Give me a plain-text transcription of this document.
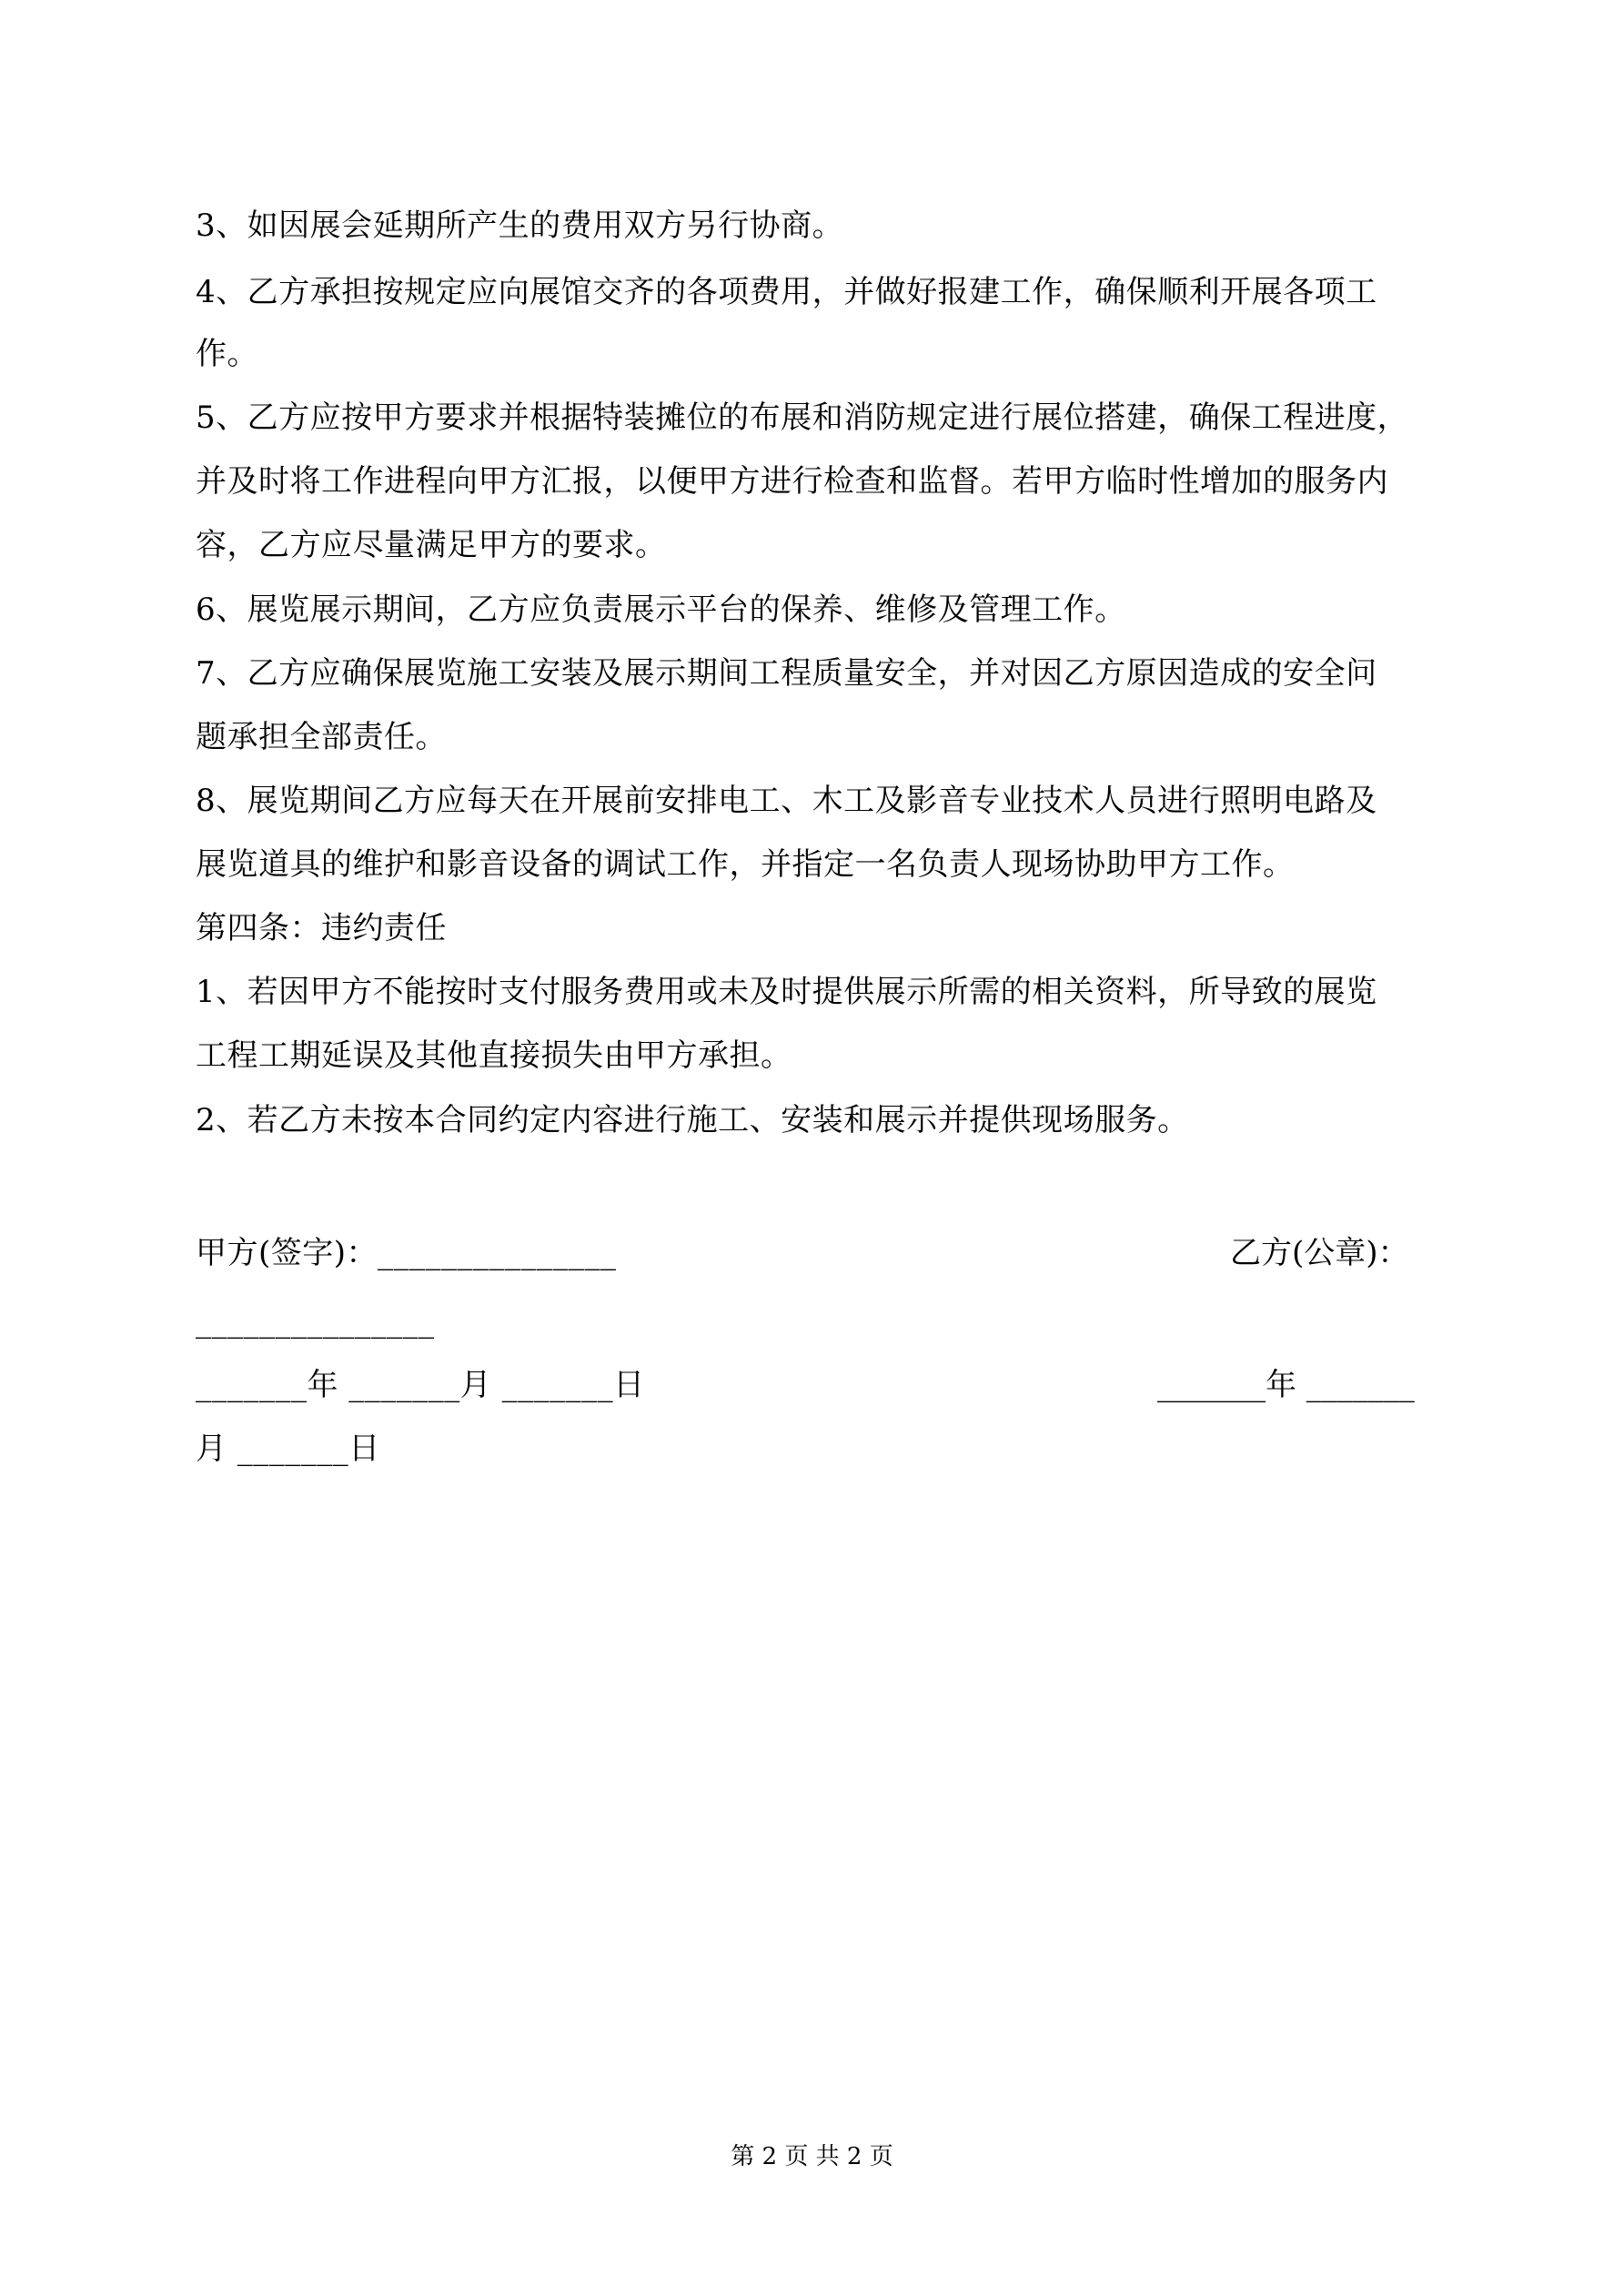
3、如因展会延期所产生的费用双方另行协商。
4、乙方承担按规定应向展馆交齐的各项费用，并做好报建工作，确保顺利开展各项工
作。
5、乙方应按甲方要求并根据特装摊位的布展和消防规定进行展位搭建，确保工程进度，
并及时将工作进程向甲方汇报，以便甲方进行检查和监督。若甲方临时性增加的服务内
容，乙方应尽量满足甲方的要求。
6、展览展示期间，乙方应负责展示平台的保养、维修及管理工作。
7、乙方应确保展览施工安装及展示期间工程质量安全，并对因乙方原因造成的安全问
题承担全部责任。
8、展览期间乙方应每天在开展前安排电工、木工及影音专业技术人员进行照明电路及
展览道具的维护和影音设备的调试工作，并指定一名负责人现场协助甲方工作。
第四条：违约责任
1、若因甲方不能按时支付服务费用或未及时提供展示所需的相关资料，所导致的展览
工程工期延误及其他直接损失由甲方承担。
2、若乙方未按本合同约定内容进行施工、安装和展示并提供现场服务。
甲方(签字)：_______________	乙方(公章)：
_______________
_______年 _______月 _______日	_______年 _______
月 _______日
第 2 页 共 2 页
